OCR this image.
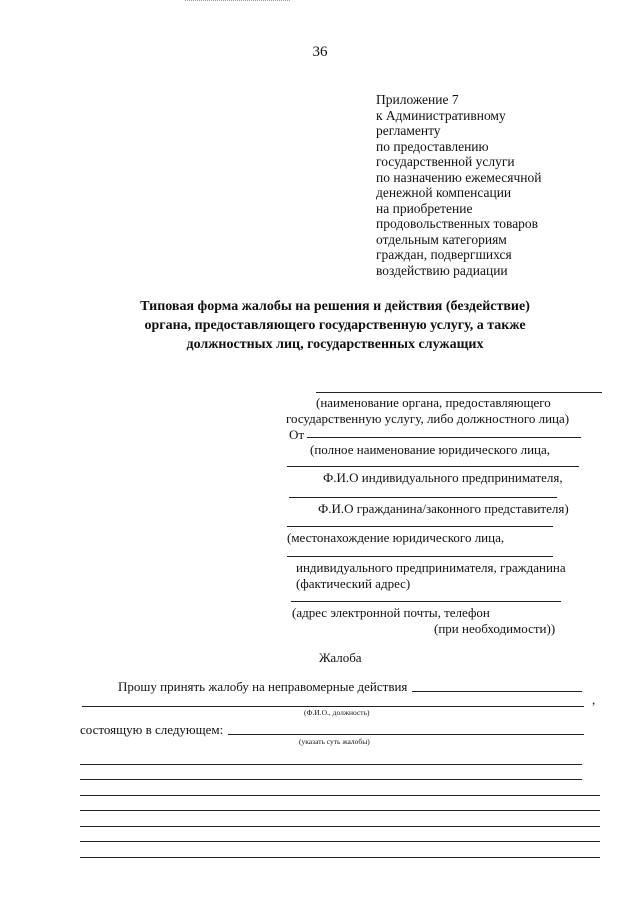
36
Приложение 7
к Административному
регламенту
по предоставлению
государственной услуги
по назначению ежемесячной
денежной компенсации
на приобретение
продовольственных товаров
отдельным категориям
граждан, подвергшихся
воздействию радиации
Типовая форма жалобы на решения и действия (бездействие)
органа, предоставляющего государственную услугу, а также
должностных лиц, государственных служащих
(наименование органа, предоставляющего
государственную услугу, либо должностного лица)
От
(полное наименование юридического лица,
Ф.И.О индивидуального предпринимателя,
Ф.И.О гражданина/законного представителя)
(местонахождение юридического лица,
индивидуального предпринимателя, гражданина
(фактический адрес)
(адрес электронной почты, телефон
(при необходимости))
Жалоба
Прошу принять жалобу на неправомерные действия
,
(Ф.И.О., должность)
состоящую в следующем:
(указать суть жалобы)
